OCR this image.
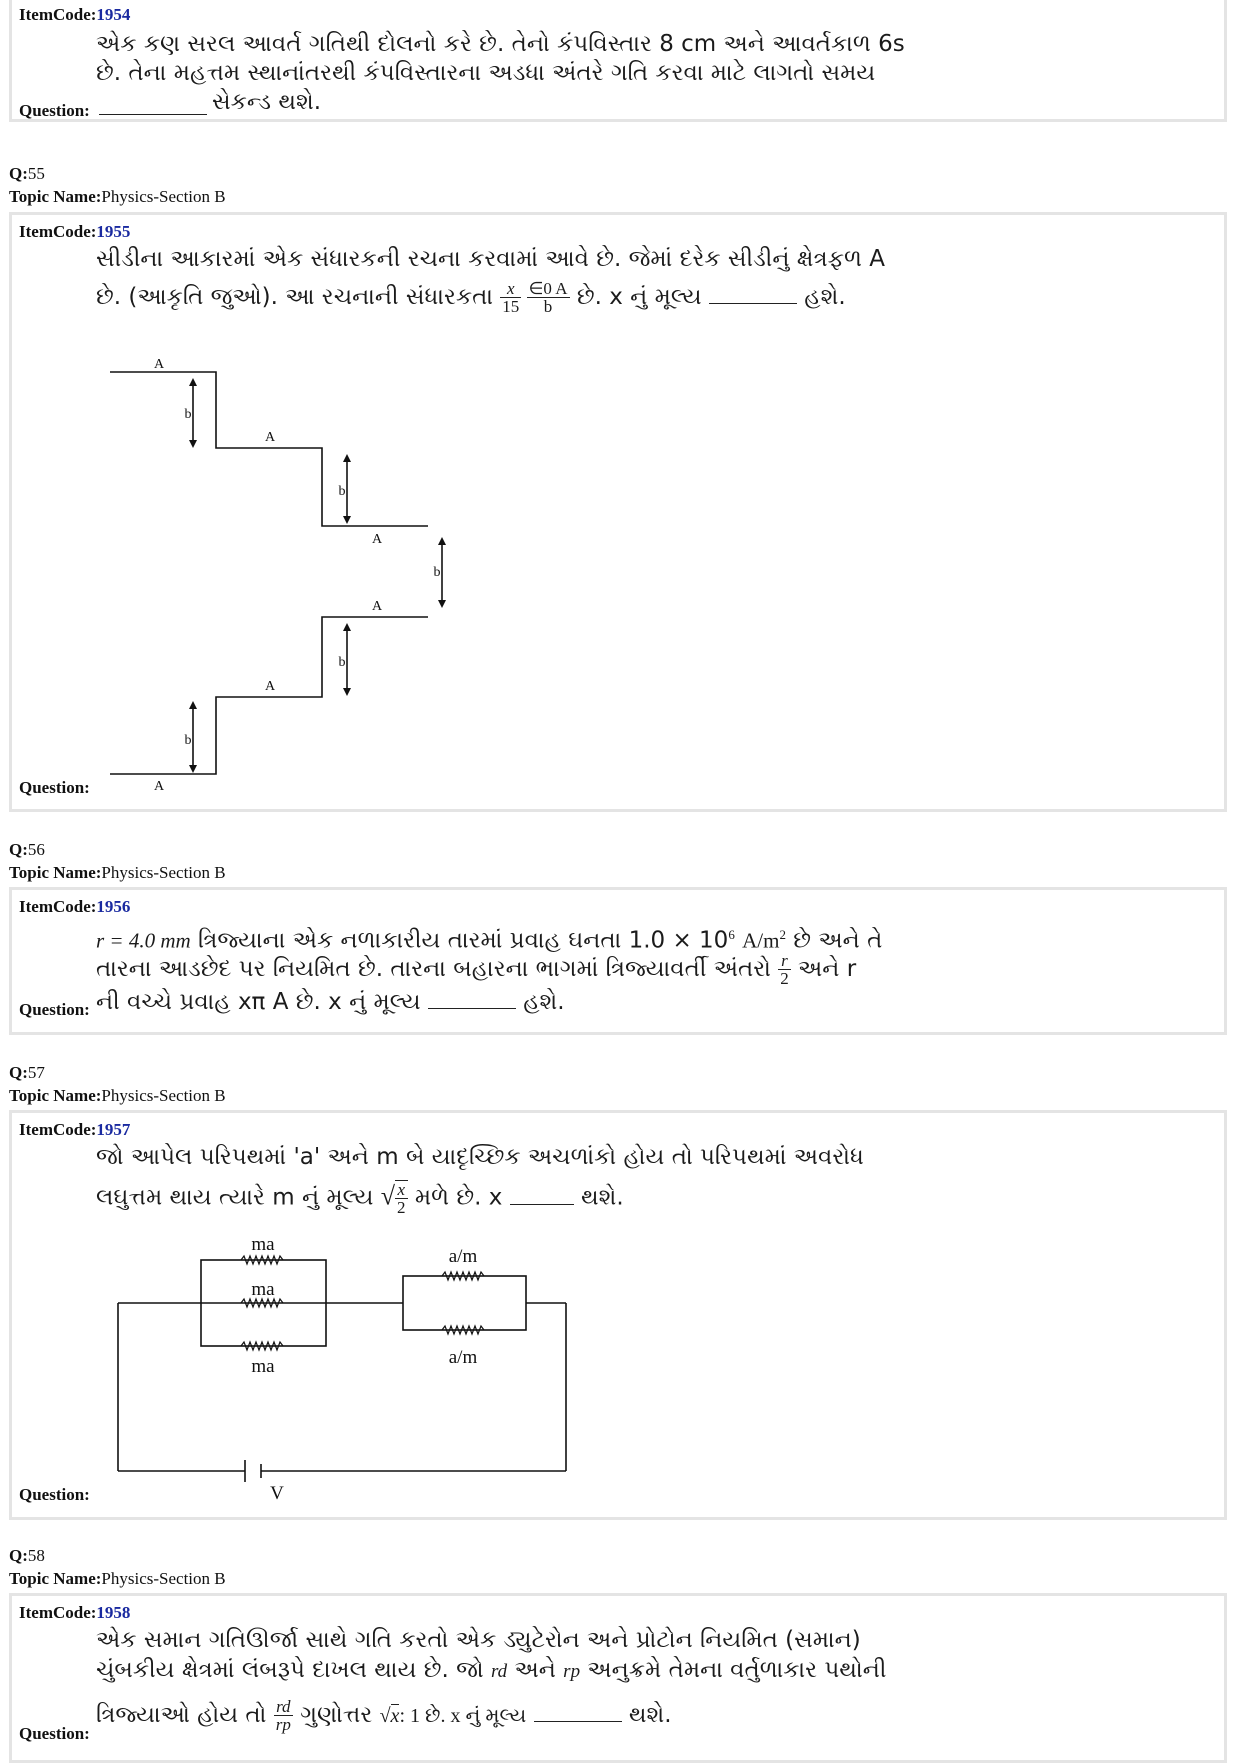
ItemCode:1954
એક કણ સરલ આવર્ત ગતિથી દોલનો કરે છે. તેનો કંપવિસ્તાર 8 cm અને આવર્તકાળ 6s
છે. તેના મહત્તમ સ્થાનાંતરથી કંપવિસ્તારના અડધા અંતરે ગતિ કરવા માટે લાગતો સમય
સેકન્ડ થશે.
Question:
Q:55
Topic Name:Physics-Section B
ItemCode:1955
સીડીના આકારમાં એક સંધારકની રચના કરવામાં આવે છે. જેમાં દરેક સીડીનું ક્ષેત્રફળ A
છે. (આકૃતિ જુઓ). આ રચનાની સંધારકતા $\frac{x}{15}$
$\frac{\in 0 A}{b}$ છે. x નું મૂલ્ય	હશે.
b
b
b
b
b
A
A
A
A
A
A
Question:
Q:56
Topic Name:Physics-Section B
ItemCode:1956
r = 4.0 mm ત્રિજ્યાના એક નળાકારીય તારમાં પ્રવાહ ઘનતા $1.0 \times 10^6$ $A/m^2$ છે અને તે
તારના આડછેદ પર નિયમિત છે. તારના બહારના ભાગમાં ત્રિજ્યાવર્તી અંતરો $\frac{r}{2}$ અને r
ની વચ્ચે પ્રવાહ xπ A છે. x નું મૂલ્ય	હશે.
Question:
Q:57
Topic Name:Physics-Section B
ItemCode:1957
જો આપેલ પરિપથમાં 'a' અને m બે યાદૃચ્છિક અચળાંકો હોય તો પરિપથમાં અવરોધ
લઘુત્તમ થાય ત્યારે m નું મૂલ્ય √ $\frac{x}{2}$ મળે છે. x	થશે.
ma
ma
ma
a/m
a/m
V
Question:
Q:58
Topic Name:Physics-Section B
ItemCode:1958
એક સમાન ગતિઊર્જા સાથે ગતિ કરતો એક ડ્યુટેરોન અને પ્રોટોન નિયમિત (સમાન)
ચુંબકીય ક્ષેત્રમાં લંબરૂપે દાખલ થાય છે. જો rd અને rp અનુક્રમે તેમના વર્તુળાકાર પથોની
ત્રિજ્યાઓ હોય તો $\frac{rd}{rp}$ ગુણોત્તર √x: 1 છે. x નું મૂલ્ય	થશે.
Question:
